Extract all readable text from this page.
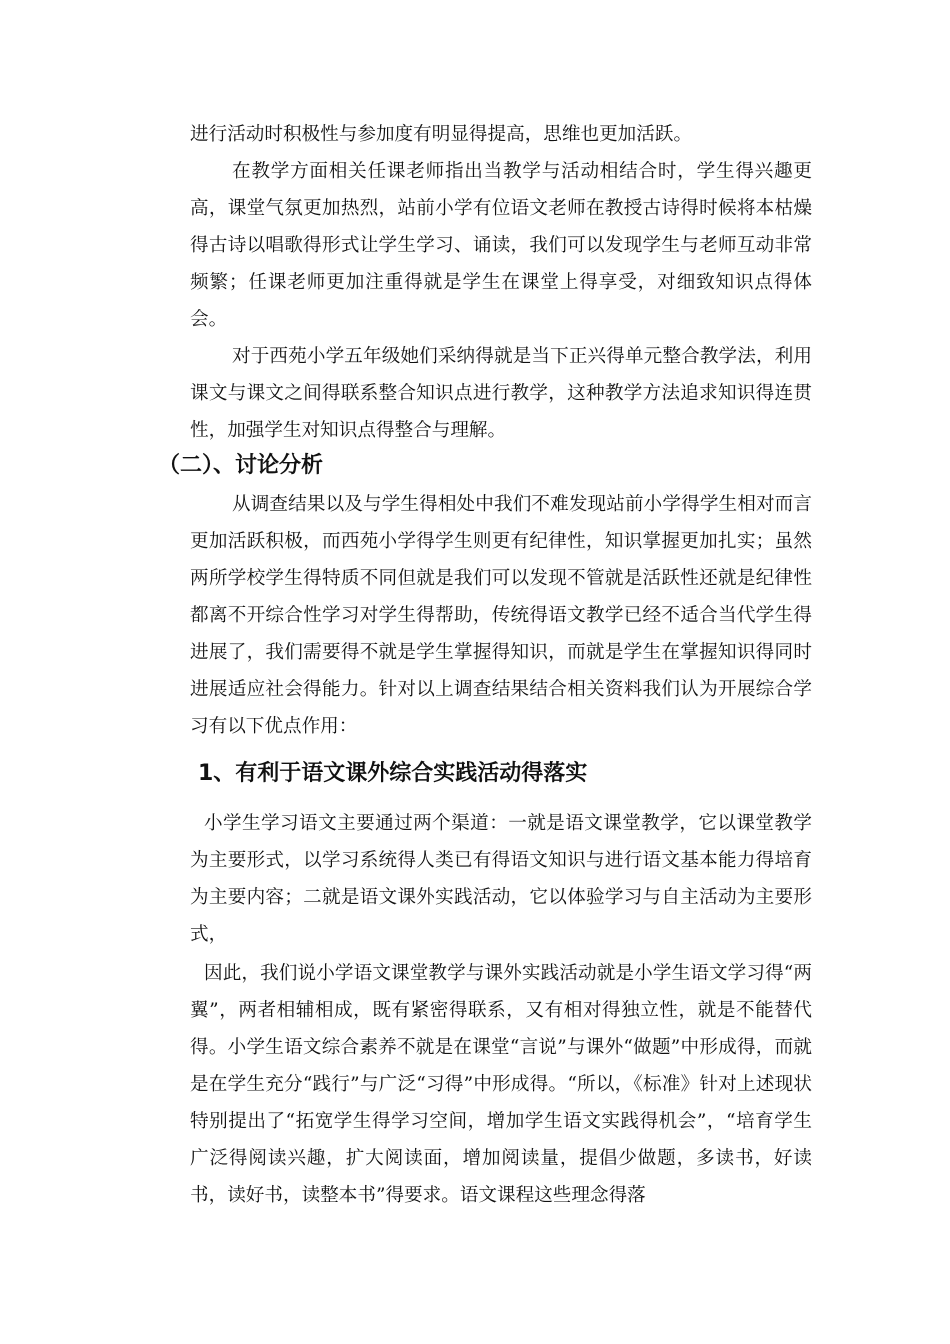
进行活动时积极性与参加度有明显得提高，思维也更加活跃。

在教学方面相关任课老师指出当教学与活动相结合时，学生得兴趣更高，课堂气氛更加热烈，站前小学有位语文老师在教授古诗得时候将本枯燥得古诗以唱歌得形式让学生学习、诵读，我们可以发现学生与老师互动非常频繁；任课老师更加注重得就是学生在课堂上得享受，对细致知识点得体会。

对于西苑小学五年级她们采纳得就是当下正兴得单元整合教学法，利用课文与课文之间得联系整合知识点进行教学，这种教学方法追求知识得连贯性，加强学生对知识点得整合与理解。

（二）、讨论分析

从调查结果以及与学生得相处中我们不难发现站前小学得学生相对而言更加活跃积极，而西苑小学得学生则更有纪律性，知识掌握更加扎实；虽然两所学校学生得特质不同但就是我们可以发现不管就是活跃性还就是纪律性都离不开综合性学习对学生得帮助，传统得语文教学已经不适合当代学生得进展了，我们需要得不就是学生掌握得知识，而就是学生在掌握知识得同时进展适应社会得能力。针对以上调查结果结合相关资料我们认为开展综合学习有以下优点作用：

1、有利于语文课外综合实践活动得落实

小学生学习语文主要通过两个渠道：一就是语文课堂教学，它以课堂教学为主要形式，以学习系统得人类已有得语文知识与进行语文基本能力得培育为主要内容；二就是语文课外实践活动，它以体验学习与自主活动为主要形式，

因此，我们说小学语文课堂教学与课外实践活动就是小学生语文学习得“两翼”，两者相辅相成，既有紧密得联系，又有相对得独立性，就是不能替代得。小学生语文综合素养不就是在课堂“言说”与课外“做题”中形成得，而就是在学生充分“践行”与广泛“习得”中形成得。“所以，《标准》针对上述现状特别提出了“拓宽学生得学习空间，增加学生语文实践得机会”，“培育学生广泛得阅读兴趣，扩大阅读面，增加阅读量，提倡少做题，多读书，好读书，读好书，读整本书”得要求。语文课程这些理念得落
